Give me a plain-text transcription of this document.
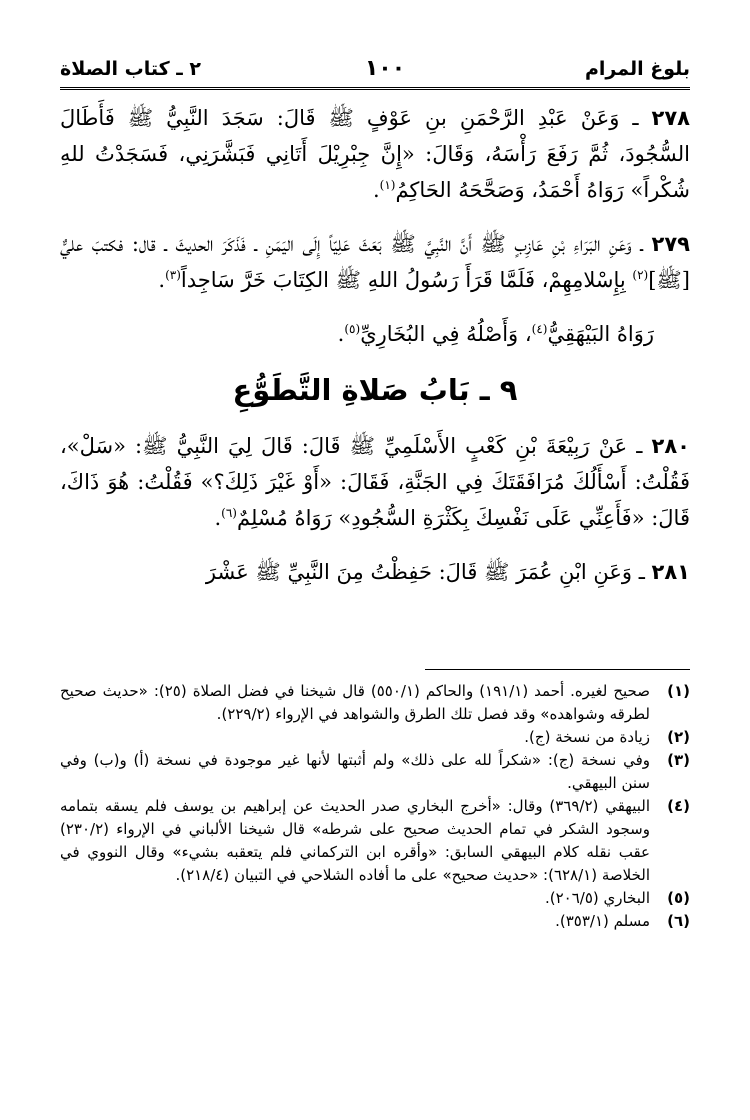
بلوغ المرام
١٠٠
٢ ـ كتاب الصلاة

٢٧٨ ـ وَعَنْ عَبْدِ الرَّحْمَنِ بنِ عَوْفٍ ﷺ قَالَ: سَجَدَ النَّبِيُّ ﷺ فَأَطَالَ السُّجُودَ، ثُمَّ رَفَعَ رَأْسَهُ، وَقَالَ: «إِنَّ جِبْرِيْلَ أَتَانِي فَبَشَّرَنِي، فَسَجَدْتُ للهِ شُكْراً» رَوَاهُ أَحْمَدُ، وَصَحَّحَهُ الحَاكِمُ$^{(١)}$.

٢٧٩ ـ وَعَنِ البَرَاءِ بْنِ عَازِبٍ ﷺ أَنَّ النَّبِيَّ ﷺ بَعَثَ عَلِيّاً إِلَى اليَمَنِ ـ فَذَكَرَ الحديثَ ـ قال: فكتبَ عليٌّ [ﷺ]$^{(٢)}$ بِإِسْلامِهِمْ، فَلَمَّا قَرَأَ رَسُولُ اللهِ ﷺ الكِتَابَ خَرَّ سَاجِداً$^{(٣)}$.

رَوَاهُ البَيْهَقِيُّ$^{(٤)}$، وَأَصْلُهُ فِي البُخَارِيِّ$^{(٥)}$.

٩ ـ بَابُ صَلاةِ التَّطَوُّعِ

٢٨٠ ـ عَنْ رَبِيْعَةَ بْنِ كَعْبٍ الأَسْلَمِيِّ ﷺ قَالَ: قَالَ لِيَ النَّبِيُّ ﷺ: «سَلْ»، فَقُلْتُ: أَسْأَلُكَ مُرَافَقَتَكَ فِي الجَنَّةِ، فَقَالَ: «أَوْ غَيْرَ ذَلِكَ؟» فَقُلْتُ: هُوَ ذَاكَ، قَالَ: «فَأَعِنِّي عَلَى نَفْسِكَ بِكَثْرَةِ السُّجُودِ» رَوَاهُ مُسْلِمٌ$^{(٦)}$.

٢٨١ ـ وَعَنِ ابْنِ عُمَرَ ﷺ قَالَ: حَفِظْتُ مِنَ النَّبِيِّ ﷺ عَشْرَ

(١)
صحيح لغيره. أحمد (١٩١/١) والحاكم (٥٥٠/١) قال شيخنا في فضل الصلاة (٢٥): «حديث صحيح لطرقه وشواهده» وقد فصل تلك الطرق والشواهد في الإرواء (٢٢٩/٢).
(٢)
زيادة من نسخة (ج).
(٣)
وفي نسخة (ج): «شكراً لله على ذلك» ولم أثبتها لأنها غير موجودة في نسخة (أ) و(ب) وفي سنن البيهقي.
(٤)
البيهقي (٣٦٩/٢) وقال: «أخرج البخاري صدر الحديث عن إبراهيم بن يوسف فلم يسقه بتمامه وسجود الشكر في تمام الحديث صحيح على شرطه» قال شيخنا الألباني في الإرواء (٢٣٠/٢) عقب نقله كلام البيهقي السابق: «وأقره ابن التركماني فلم يتعقبه بشيء» وقال النووي في الخلاصة (٦٢٨/١): «حديث صحيح» على ما أفاده الشلاحي في التبيان (٢١٨/٤).
(٥)
البخاري (٢٠٦/٥).
(٦)
مسلم (٣٥٣/١).
